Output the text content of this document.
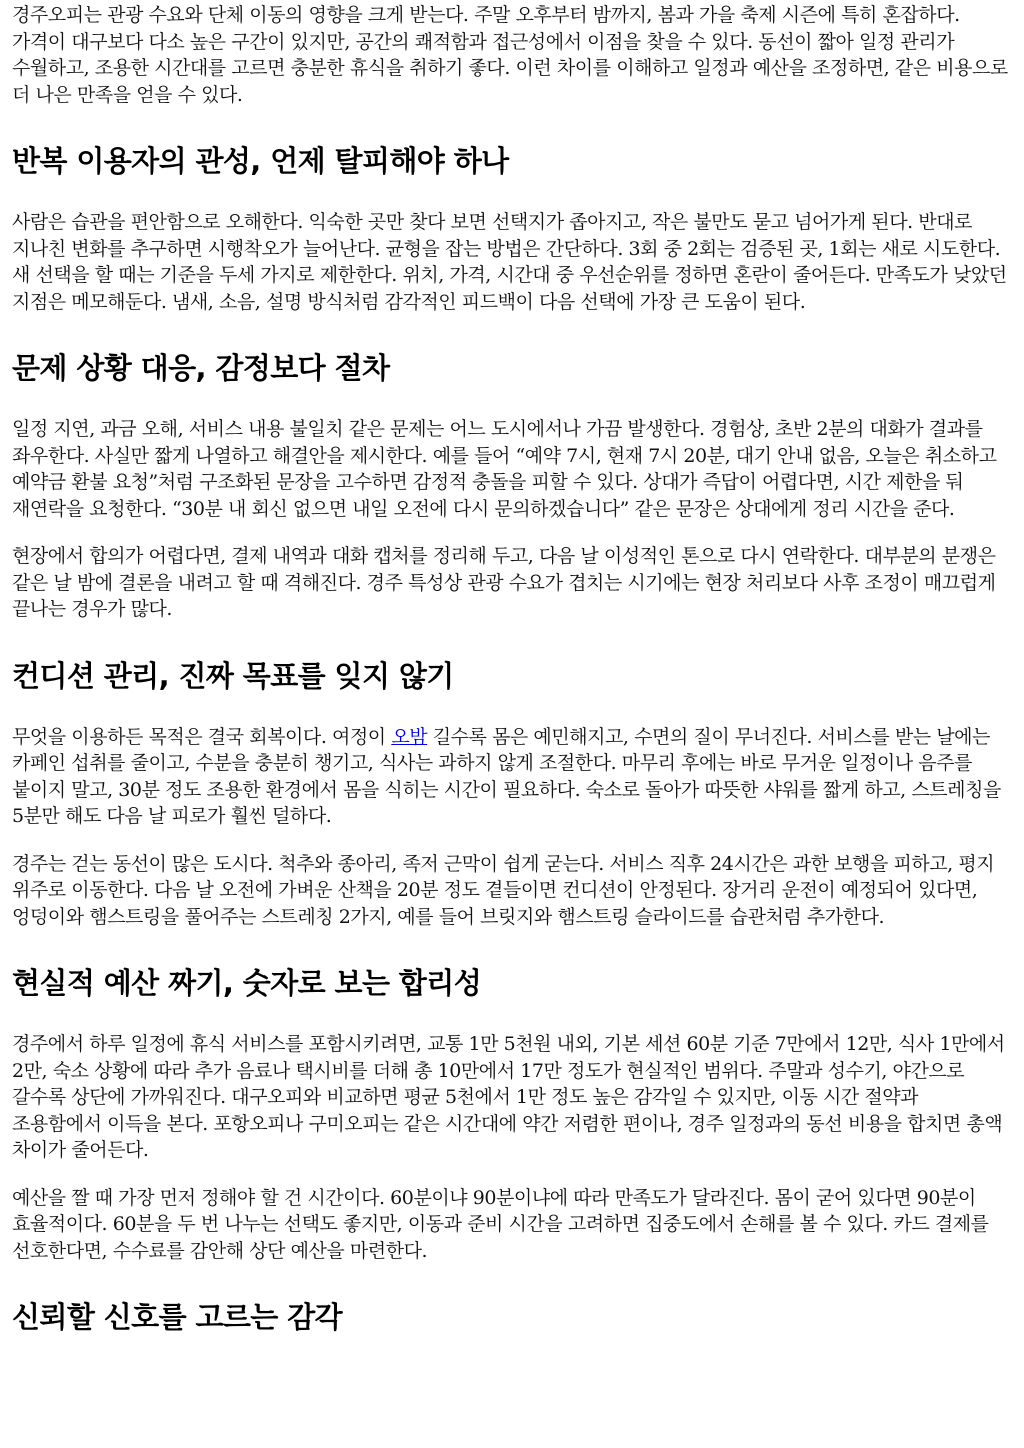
경주오피는 관광 수요와 단체 이동의 영향을 크게 받는다. 주말 오후부터 밤까지, 봄과 가을 축제 시즌에 특히 혼잡하다. 가격이 대구보다 다소 높은 구간이 있지만, 공간의 쾌적함과 접근성에서 이점을 찾을 수 있다. 동선이 짧아 일정 관리가 수월하고, 조용한 시간대를 고르면 충분한 휴식을 취하기 좋다. 이런 차이를 이해하고 일정과 예산을 조정하면, 같은 비용으로 더 나은 만족을 얻을 수 있다.

반복 이용자의 관성, 언제 탈피해야 하나

사람은 습관을 편안함으로 오해한다. 익숙한 곳만 찾다 보면 선택지가 좁아지고, 작은 불만도 묻고 넘어가게 된다. 반대로 지나친 변화를 추구하면 시행착오가 늘어난다. 균형을 잡는 방법은 간단하다. 3회 중 2회는 검증된 곳, 1회는 새로 시도한다. 새 선택을 할 때는 기준을 두세 가지로 제한한다. 위치, 가격, 시간대 중 우선순위를 정하면 혼란이 줄어든다. 만족도가 낮았던 지점은 메모해둔다. 냄새, 소음, 설명 방식처럼 감각적인 피드백이 다음 선택에 가장 큰 도움이 된다.

문제 상황 대응, 감정보다 절차

일정 지연, 과금 오해, 서비스 내용 불일치 같은 문제는 어느 도시에서나 가끔 발생한다. 경험상, 초반 2분의 대화가 결과를 좌우한다. 사실만 짧게 나열하고 해결안을 제시한다. 예를 들어 “예약 7시, 현재 7시 20분, 대기 안내 없음, 오늘은 취소하고 예약금 환불 요청”처럼 구조화된 문장을 고수하면 감정적 충돌을 피할 수 있다. 상대가 즉답이 어렵다면, 시간 제한을 둬 재연락을 요청한다. “30분 내 회신 없으면 내일 오전에 다시 문의하겠습니다” 같은 문장은 상대에게 정리 시간을 준다.

현장에서 합의가 어렵다면, 결제 내역과 대화 캡처를 정리해 두고, 다음 날 이성적인 톤으로 다시 연락한다. 대부분의 분쟁은 같은 날 밤에 결론을 내려고 할 때 격해진다. 경주 특성상 관광 수요가 겹치는 시기에는 현장 처리보다 사후 조정이 매끄럽게 끝나는 경우가 많다.

컨디션 관리, 진짜 목표를 잊지 않기

무엇을 이용하든 목적은 결국 회복이다. 여정이 오밤 길수록 몸은 예민해지고, 수면의 질이 무너진다. 서비스를 받는 날에는 카페인 섭취를 줄이고, 수분을 충분히 챙기고, 식사는 과하지 않게 조절한다. 마무리 후에는 바로 무거운 일정이나 음주를 붙이지 말고, 30분 정도 조용한 환경에서 몸을 식히는 시간이 필요하다. 숙소로 돌아가 따뜻한 샤워를 짧게 하고, 스트레칭을 5분만 해도 다음 날 피로가 훨씬 덜하다.

경주는 걷는 동선이 많은 도시다. 척추와 종아리, 족저 근막이 쉽게 굳는다. 서비스 직후 24시간은 과한 보행을 피하고, 평지 위주로 이동한다. 다음 날 오전에 가벼운 산책을 20분 정도 곁들이면 컨디션이 안정된다. 장거리 운전이 예정되어 있다면, 엉덩이와 햄스트링을 풀어주는 스트레칭 2가지, 예를 들어 브릿지와 햄스트링 슬라이드를 습관처럼 추가한다.

현실적 예산 짜기, 숫자로 보는 합리성

경주에서 하루 일정에 휴식 서비스를 포함시키려면, 교통 1만 5천원 내외, 기본 세션 60분 기준 7만에서 12만, 식사 1만에서 2만, 숙소 상황에 따라 추가 음료나 택시비를 더해 총 10만에서 17만 정도가 현실적인 범위다. 주말과 성수기, 야간으로 갈수록 상단에 가까워진다. 대구오피와 비교하면 평균 5천에서 1만 정도 높은 감각일 수 있지만, 이동 시간 절약과 조용함에서 이득을 본다. 포항오피나 구미오피는 같은 시간대에 약간 저렴한 편이나, 경주 일정과의 동선 비용을 합치면 총액 차이가 줄어든다.

예산을 짤 때 가장 먼저 정해야 할 건 시간이다. 60분이냐 90분이냐에 따라 만족도가 달라진다. 몸이 굳어 있다면 90분이 효율적이다. 60분을 두 번 나누는 선택도 좋지만, 이동과 준비 시간을 고려하면 집중도에서 손해를 볼 수 있다. 카드 결제를 선호한다면, 수수료를 감안해 상단 예산을 마련한다.

신뢰할 신호를 고르는 감각
